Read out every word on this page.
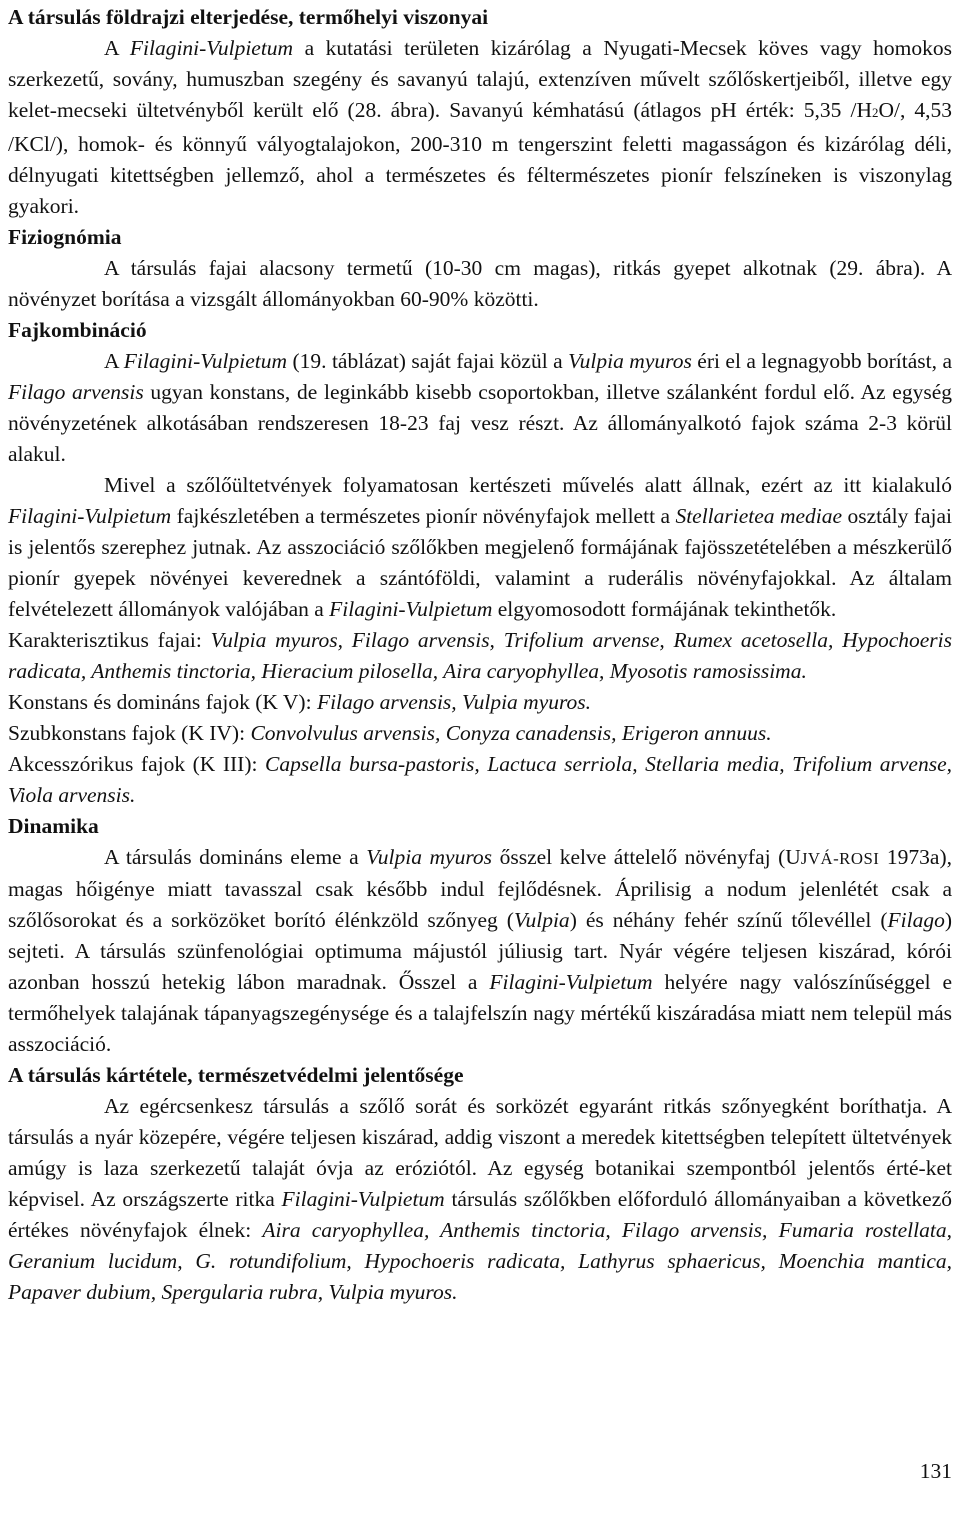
A társulás földrajzi elterjedése, termőhelyi viszonyai

A Filagini-Vulpietum a kutatási területen kizárólag a Nyugati-Mecsek köves vagy homokos szerkezetű, sovány, humuszban szegény és savanyú talajú, extenzíven művelt szőlőskertjeiből, illetve egy kelet-mecseki ültetvényből került elő (28. ábra). Savanyú kémhatású (átlagos pH érték: 5,35 /H2O/, 4,53 /KCl/), homok- és könnyű vályogtalajokon, 200-310 m tengerszint feletti magasságon és kizárólag déli, délnyugati kitettségben jellemző, ahol a természetes és féltermészetes pionír felszíneken is viszonylag gyakori.

Fiziognómia

A társulás fajai alacsony termetű (10-30 cm magas), ritkás gyepet alkotnak (29. ábra). A növényzet borítása a vizsgált állományokban 60-90% közötti.

Fajkombináció

A Filagini-Vulpietum (19. táblázat) saját fajai közül a Vulpia myuros éri el a legnagyobb borítást, a Filago arvensis ugyan konstans, de leginkább kisebb csoportokban, illetve szálanként fordul elő. Az egység növényzetének alkotásában rendszeresen 18-23 faj vesz részt. Az állományalkotó fajok száma 2-3 körül alakul.

Mivel a szőlőültetvények folyamatosan kertészeti művelés alatt állnak, ezért az itt kialakuló Filagini-Vulpietum fajkészletében a természetes pionír növényfajok mellett a Stellarietea mediae osztály fajai is jelentős szerephez jutnak. Az asszociáció szőlőkben megjelenő formájának fajösszetételében a mészkerülő pionír gyepek növényei keverednek a szántóföldi, valamint a ruderális növényfajokkal. Az általam felvételezett állományok valójában a Filagini-Vulpietum elgyomosodott formájának tekinthetők.

Karakterisztikus fajai: Vulpia myuros, Filago arvensis, Trifolium arvense, Rumex acetosella, Hypochoeris radicata, Anthemis tinctoria, Hieracium pilosella, Aira caryophyllea, Myosotis ramosissima.

Konstans és domináns fajok (K V): Filago arvensis, Vulpia myuros.

Szubkonstans fajok (K IV): Convolvulus arvensis, Conyza canadensis, Erigeron annuus.

Akcesszórikus fajok (K III): Capsella bursa-pastoris, Lactuca serriola, Stellaria media, Trifolium arvense, Viola arvensis.

Dinamika

A társulás domináns eleme a Vulpia myuros ősszel kelve áttelelő növényfaj (UJVÁ-ROSI 1973a), magas hőigénye miatt tavasszal csak később indul fejlődésnek. Áprilisig a nodum jelenlétét csak a szőlősorokat és a sorközöket borító élénkzöld szőnyeg (Vulpia) és néhány fehér színű tőlevéllel (Filago) sejteti. A társulás szünfenológiai optimuma májustól júliusig tart. Nyár végére teljesen kiszárad, kórói azonban hosszú hetekig lábon maradnak. Ősszel a Filagini-Vulpietum helyére nagy valószínűséggel e termőhelyek talajának tápanyagszegénysége és a talajfelszín nagy mértékű kiszáradása miatt nem települ más asszociáció.

A társulás kártétele, természetvédelmi jelentősége

Az egércsenkesz társulás a szőlő sorát és sorközét egyaránt ritkás szőnyegként boríthatja. A társulás a nyár közepére, végére teljesen kiszárad, addig viszont a meredek kitettségben telepített ültetvények amúgy is laza szerkezetű talaját óvja az eróziótól. Az egység botanikai szempontból jelentős érté-ket képvisel. Az országszerte ritka Filagini-Vulpietum társulás szőlőkben előforduló állományaiban a következő értékes növényfajok élnek: Aira caryophyllea, Anthemis tinctoria, Filago arvensis, Fumaria rostellata, Geranium lucidum, G. rotundifolium, Hypochoeris radicata, Lathyrus sphaericus, Moenchia mantica, Papaver dubium, Spergularia rubra, Vulpia myuros.

131
